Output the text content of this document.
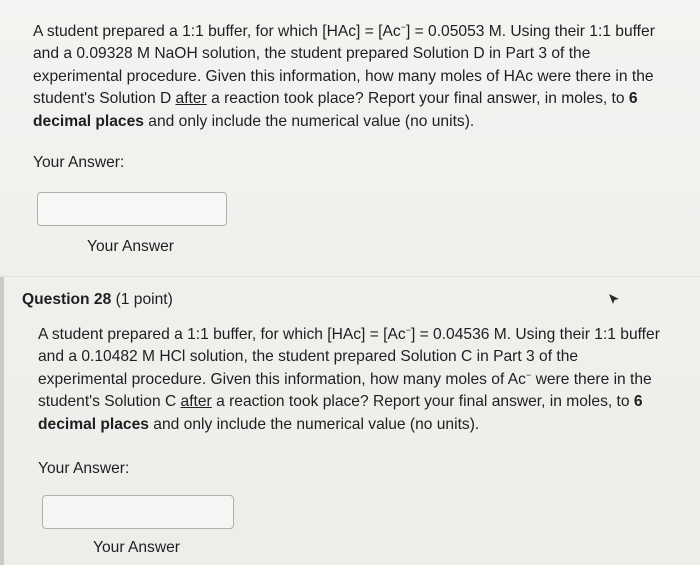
A student prepared a 1:1 buffer, for which [HAc] = [Ac−] = 0.05053 M. Using their 1:1 buffer and a 0.09328 M NaOH solution, the student prepared Solution D in Part 3 of the experimental procedure. Given this information, how many moles of HAc were there in the student's Solution D after a reaction took place? Report your final answer, in moles, to 6 decimal places and only include the numerical value (no units).

Your Answer:
Your Answer
Question 28 (1 point)

A student prepared a 1:1 buffer, for which [HAc] = [Ac−] = 0.04536 M. Using their 1:1 buffer and a 0.10482 M HCl solution, the student prepared Solution C in Part 3 of the experimental procedure. Given this information, how many moles of Ac− were there in the student's Solution C after a reaction took place? Report your final answer, in moles, to 6 decimal places and only include the numerical value (no units).

Your Answer:
Your Answer
